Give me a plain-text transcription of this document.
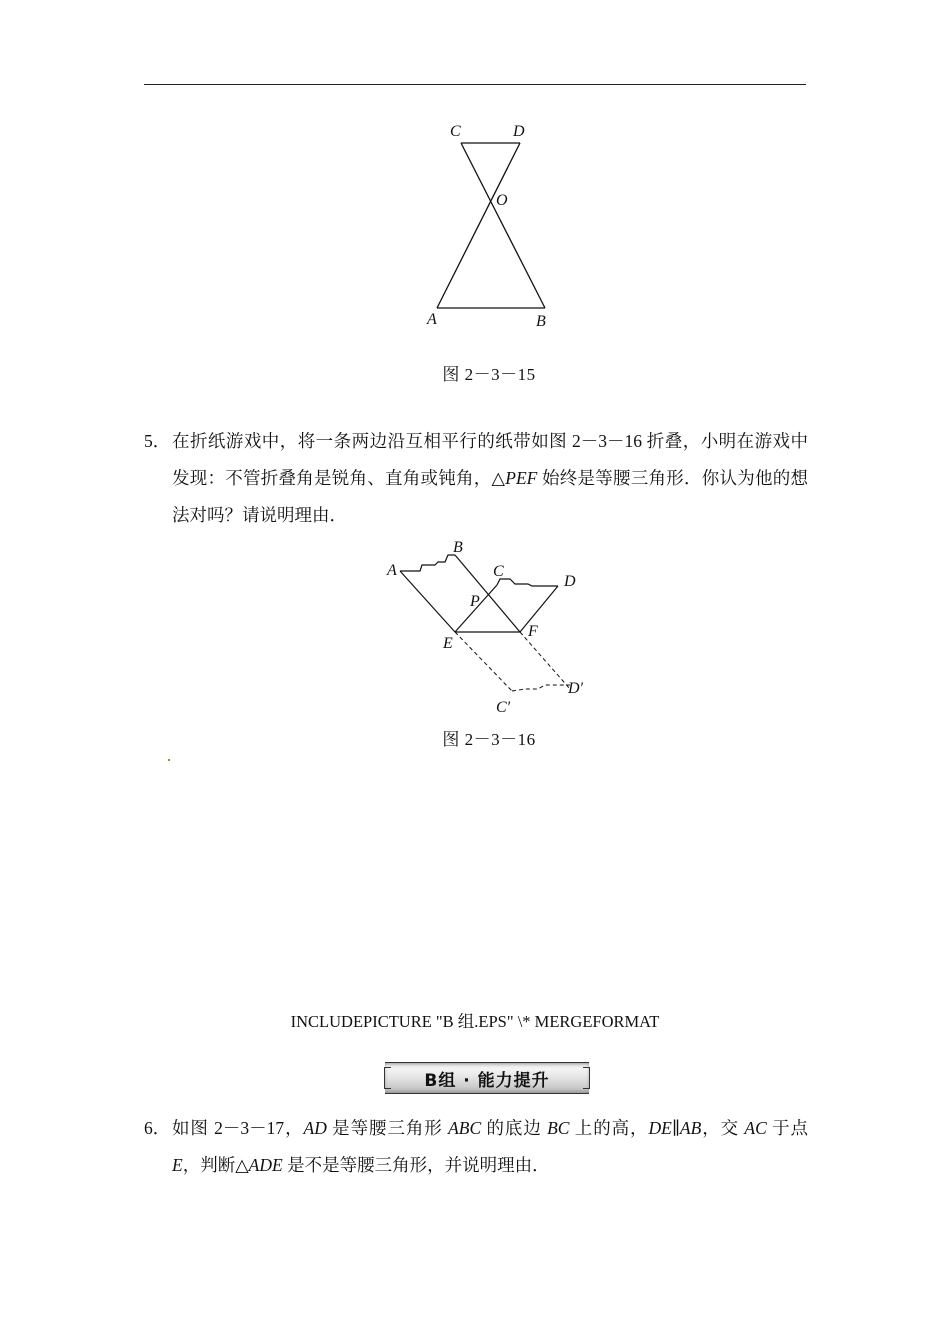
C	D
O
A	B
图 2－3－15
5． 在折纸游戏中，将一条两边沿互相平行的纸带如图 2－3－16 折叠，小明在游戏中发现：不管折叠角是锐角、直角或钝角，△PEF 始终是等腰三角形．你认为他的想法对吗？请说明理由．
A
B
C
D
P
E
F
D′
C′
图 2－3－16
INCLUDEPICTURE "B 组.EPS" \* MERGEFORMAT
B组 · 能力提升
6． 如图 2－3－17，AD 是等腰三角形 ABC 的底边 BC 上的高，DE∥AB，交 AC 于点 E，判断△ADE 是不是等腰三角形，并说明理由．
